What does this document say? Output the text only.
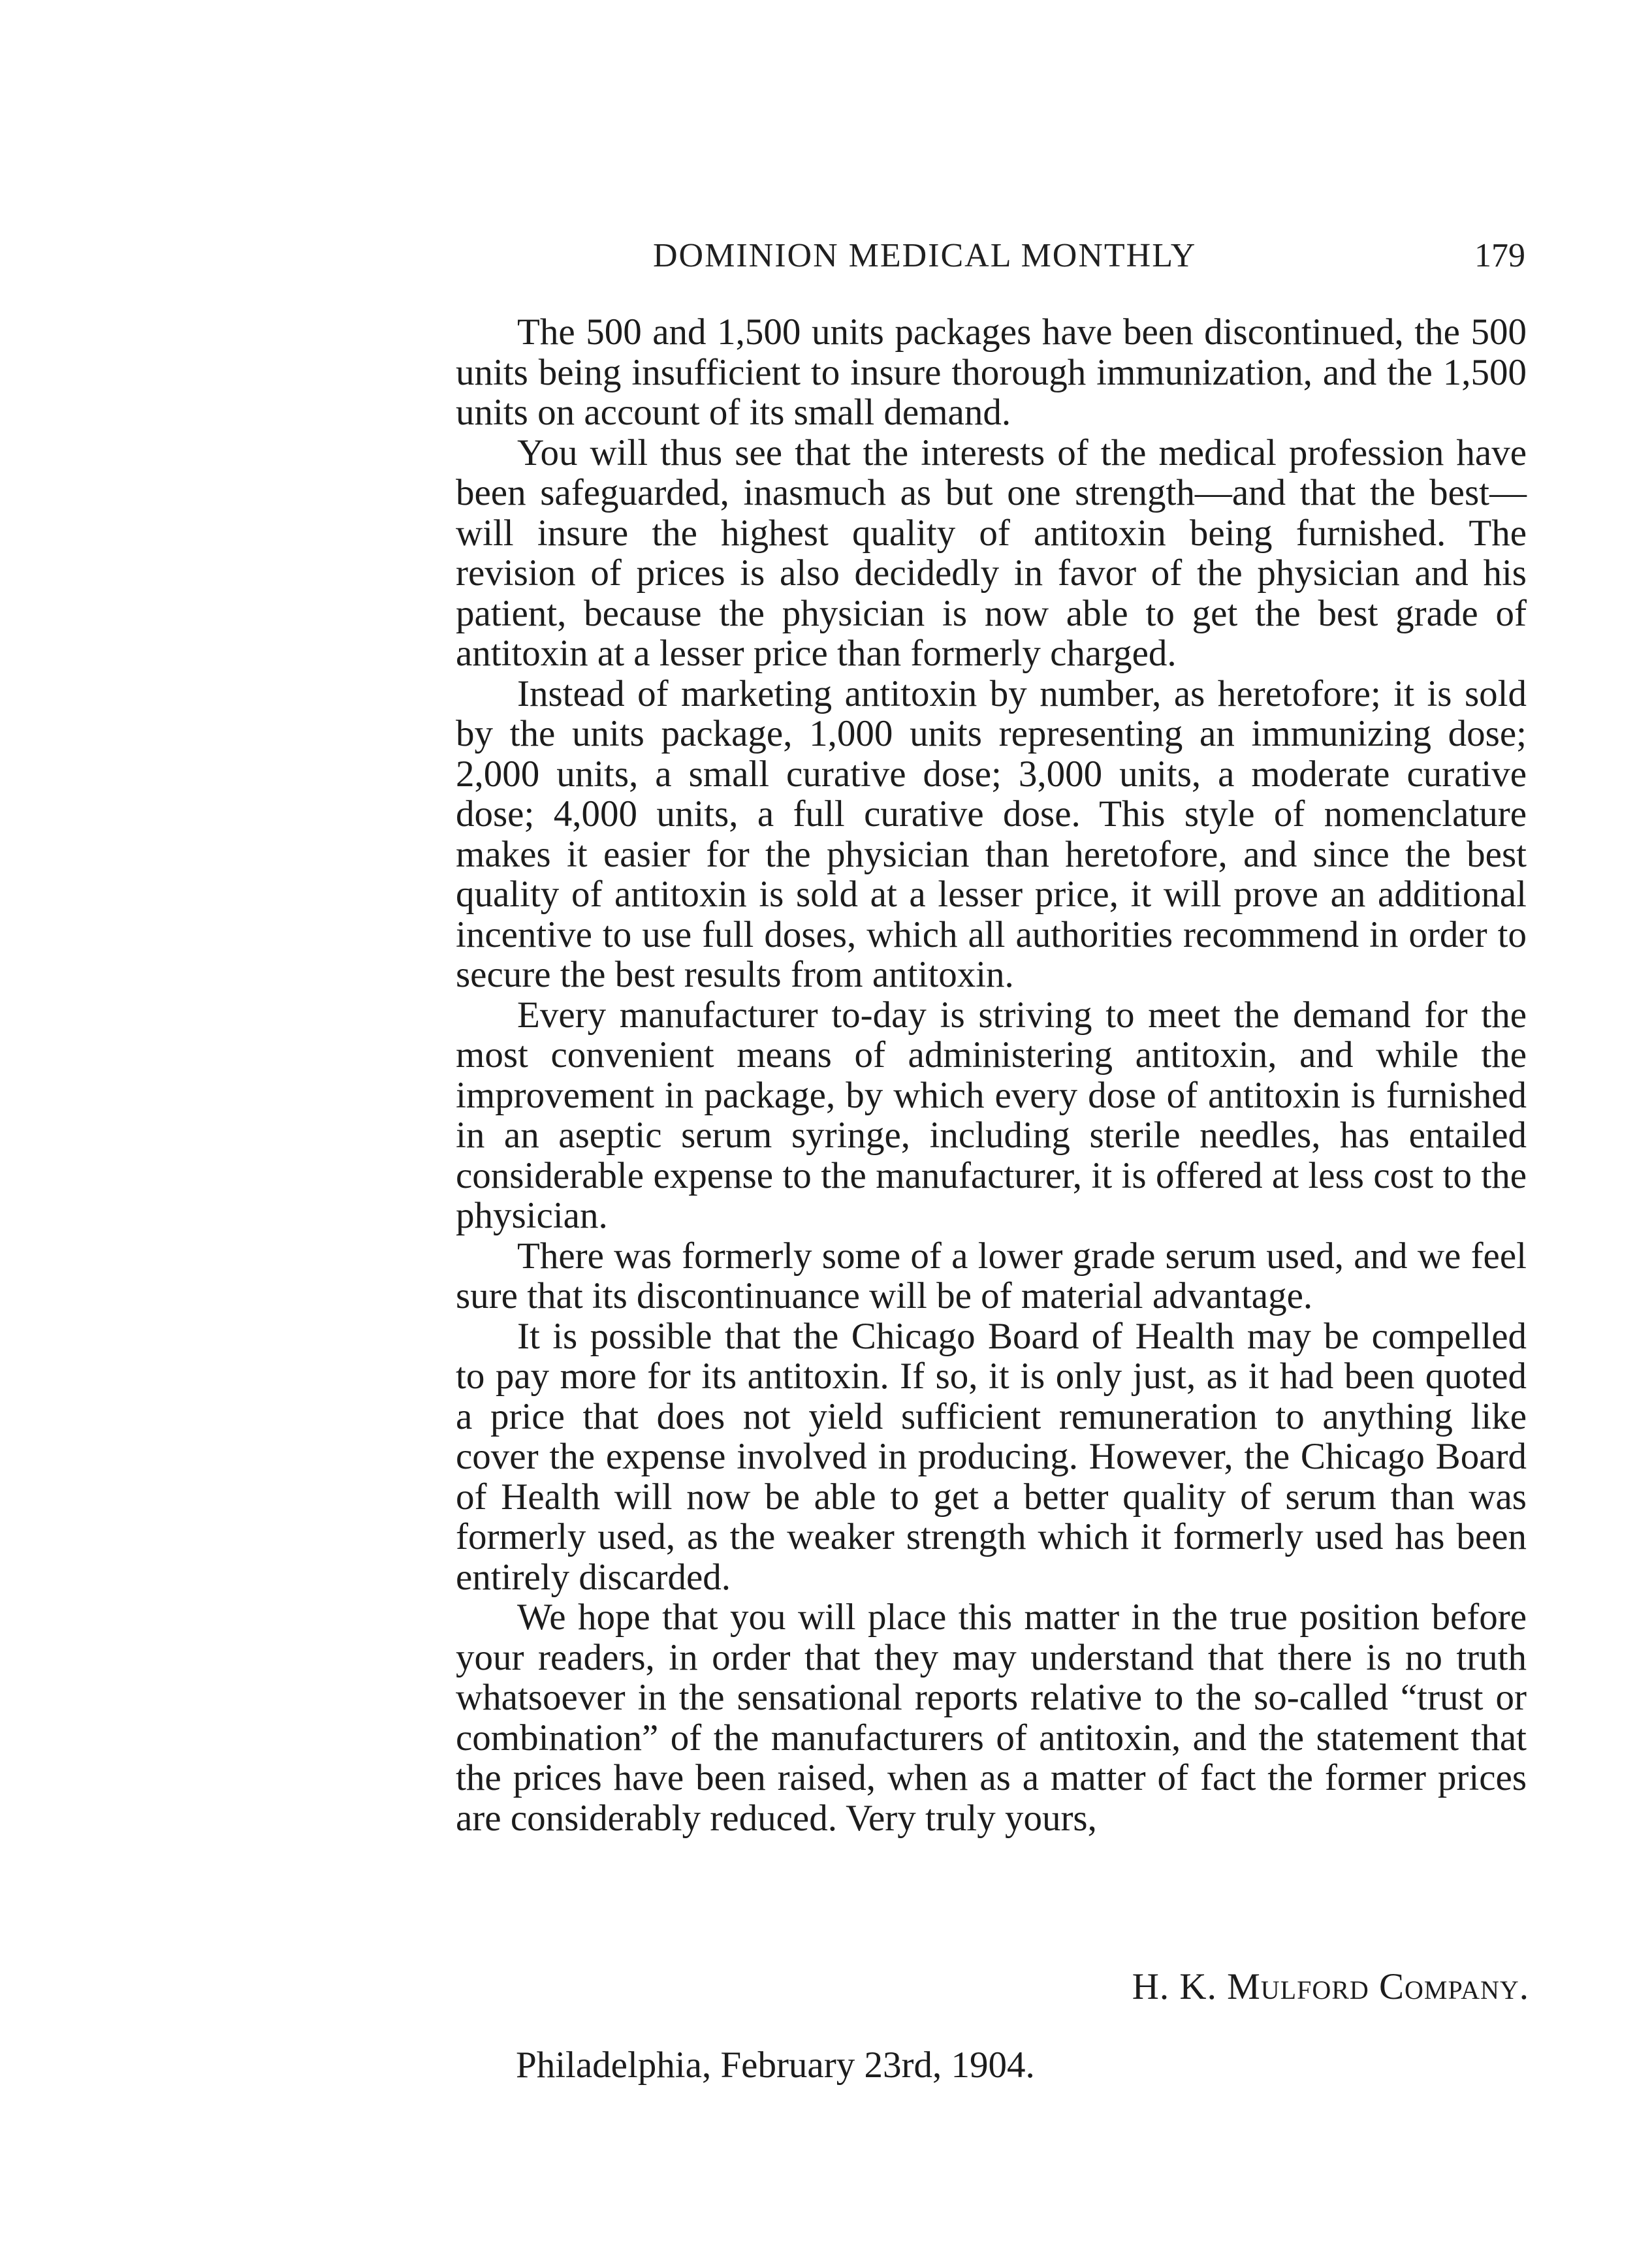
DOMINION MEDICAL MONTHLY	179

The 500 and 1,500 units packages have been discontinued, the 500 units being insufficient to insure thorough immunization, and the 1,500 units on account of its small demand.

You will thus see that the interests of the medical profession have been safeguarded, inasmuch as but one strength—and that the best—will insure the highest quality of antitoxin being furnished. The revision of prices is also decidedly in favor of the physician and his patient, because the physician is now able to get the best grade of antitoxin at a lesser price than formerly charged.

Instead of marketing antitoxin by number, as heretofore; it is sold by the units package, 1,000 units representing an immunizing dose; 2,000 units, a small curative dose; 3,000 units, a moderate curative dose; 4,000 units, a full curative dose. This style of nomenclature makes it easier for the physician than heretofore, and since the best quality of antitoxin is sold at a lesser price, it will prove an additional incentive to use full doses, which all authorities recommend in order to secure the best results from antitoxin.

Every manufacturer to-day is striving to meet the demand for the most convenient means of administering antitoxin, and while the improvement in package, by which every dose of antitoxin is furnished in an aseptic serum syringe, including sterile needles, has entailed considerable expense to the manufacturer, it is offered at less cost to the physician.

There was formerly some of a lower grade serum used, and we feel sure that its discontinuance will be of material advantage.

It is possible that the Chicago Board of Health may be compelled to pay more for its antitoxin. If so, it is only just, as it had been quoted a price that does not yield sufficient remuneration to anything like cover the expense involved in producing. However, the Chicago Board of Health will now be able to get a better quality of serum than was formerly used, as the weaker strength which it formerly used has been entirely discarded.

We hope that you will place this matter in the true position before your readers, in order that they may understand that there is no truth whatsoever in the sensational reports relative to the so-called “trust or combination” of the manufacturers of antitoxin, and the statement that the prices have been raised, when as a matter of fact the former prices are considerably reduced. Very truly yours,

H. K. Mulford Company.
Philadelphia, February 23rd, 1904.
